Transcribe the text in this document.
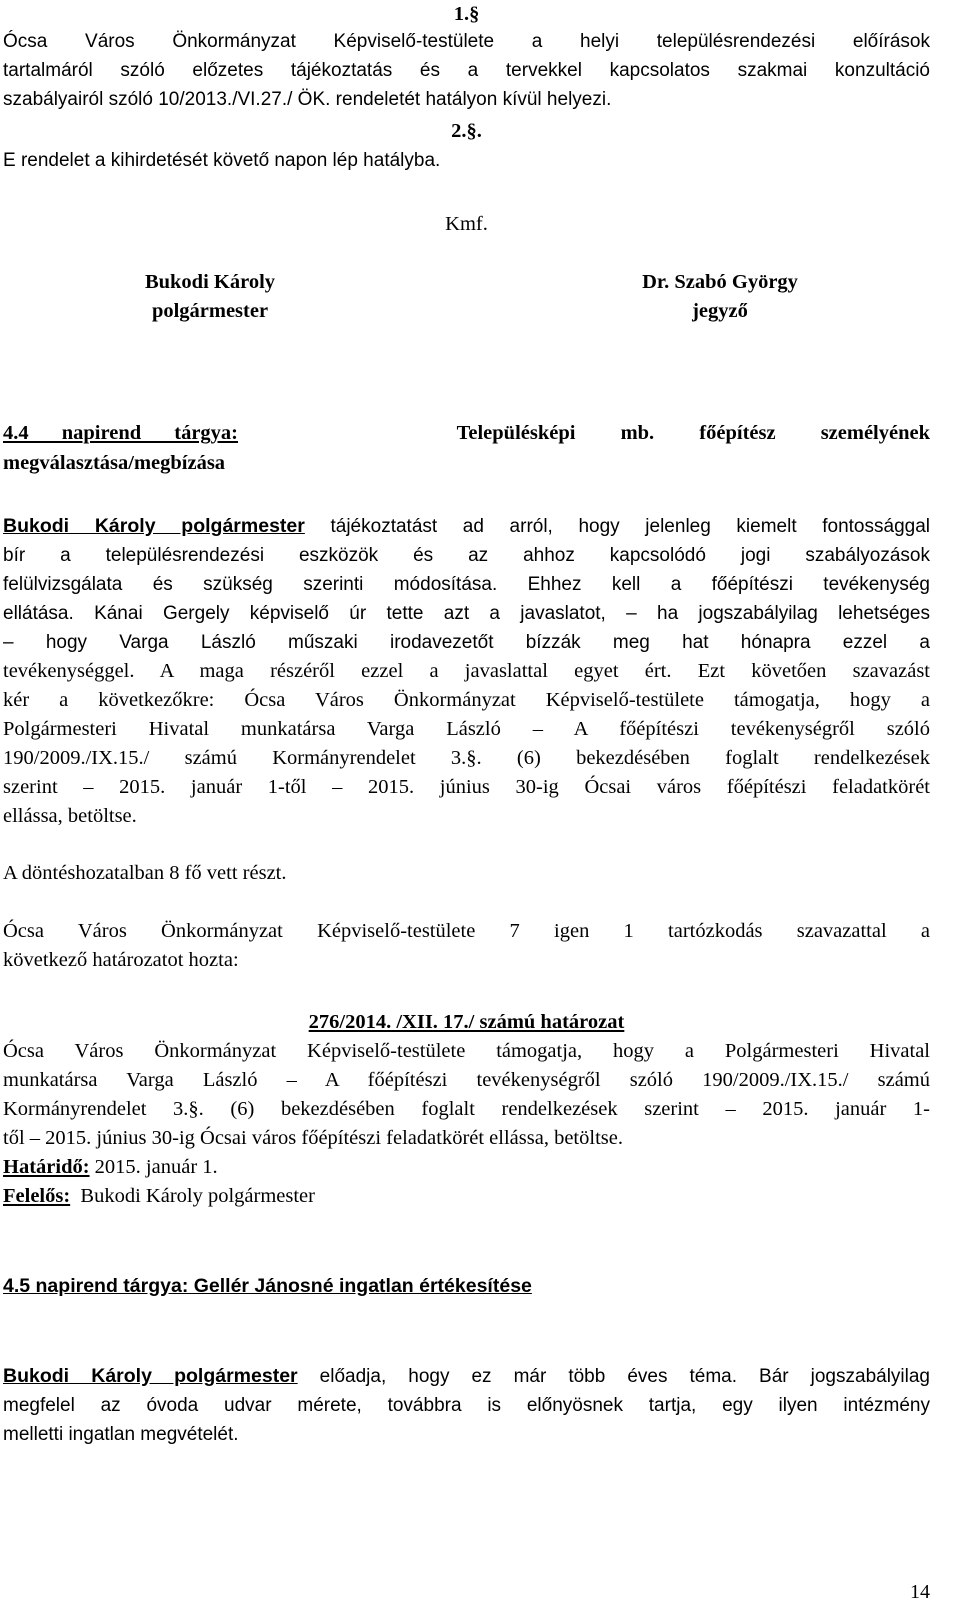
1.§
Ócsa Város Önkormányzat Képviselő-testülete a helyi településrendezési előírások
tartalmáról szóló előzetes tájékoztatás és a tervekkel kapcsolatos szakmai konzultáció
szabályairól szóló 10/2013./VI.27./ ÖK. rendeletét hatályon kívül helyezi.
2.§.
E rendelet a kihirdetését követő napon lép hatályba.
Kmf.
Bukodi Károly
polgármester
Dr. Szabó György
jegyző
4.4 napirend tárgya:	Településképi mb. főépítész személyének
megválasztása/megbízása
Bukodi Károly polgármester tájékoztatást ad arról, hogy jelenleg kiemelt fontossággal
bír a településrendezési eszközök és az ahhoz kapcsolódó jogi szabályozások
felülvizsgálata és szükség szerinti módosítása. Ehhez kell a főépítészi tevékenység
ellátása. Kánai Gergely képviselő úr tette azt a javaslatot, – ha jogszabályilag lehetséges
– hogy Varga László műszaki irodavezetőt bízzák meg hat hónapra ezzel a
tevékenységgel. A maga részéről ezzel a javaslattal egyet ért. Ezt követően szavazást
kér a következőkre: Ócsa Város Önkormányzat Képviselő-testülete támogatja, hogy a
Polgármesteri Hivatal munkatársa Varga László – A főépítészi tevékenységről szóló
190/2009./IX.15./ számú Kormányrendelet 3.§. (6) bekezdésében foglalt rendelkezések
szerint – 2015. január 1-től – 2015. június 30-ig Ócsai város főépítészi feladatkörét
ellássa, betöltse.
A döntéshozatalban 8 fő vett részt.
Ócsa Város Önkormányzat Képviselő-testülete 7 igen 1 tartózkodás szavazattal a
következő határozatot hozta:
276/2014. /XII. 17./ számú határozat
Ócsa Város Önkormányzat Képviselő-testülete támogatja, hogy a Polgármesteri Hivatal
munkatársa Varga László – A főépítészi tevékenységről szóló 190/2009./IX.15./ számú
Kormányrendelet 3.§. (6) bekezdésében foglalt rendelkezések szerint – 2015. január 1-
től – 2015. június 30-ig Ócsai város főépítészi feladatkörét ellássa, betöltse.
Határidő: 2015. január 1.
Felelős:  Bukodi Károly polgármester
4.5 napirend tárgya: Gellér Jánosné ingatlan értékesítése
Bukodi Károly polgármester előadja, hogy ez már több éves téma. Bár jogszabályilag
megfelel az óvoda udvar mérete, továbbra is előnyösnek tartja, egy ilyen intézmény
melletti ingatlan megvételét.
14
